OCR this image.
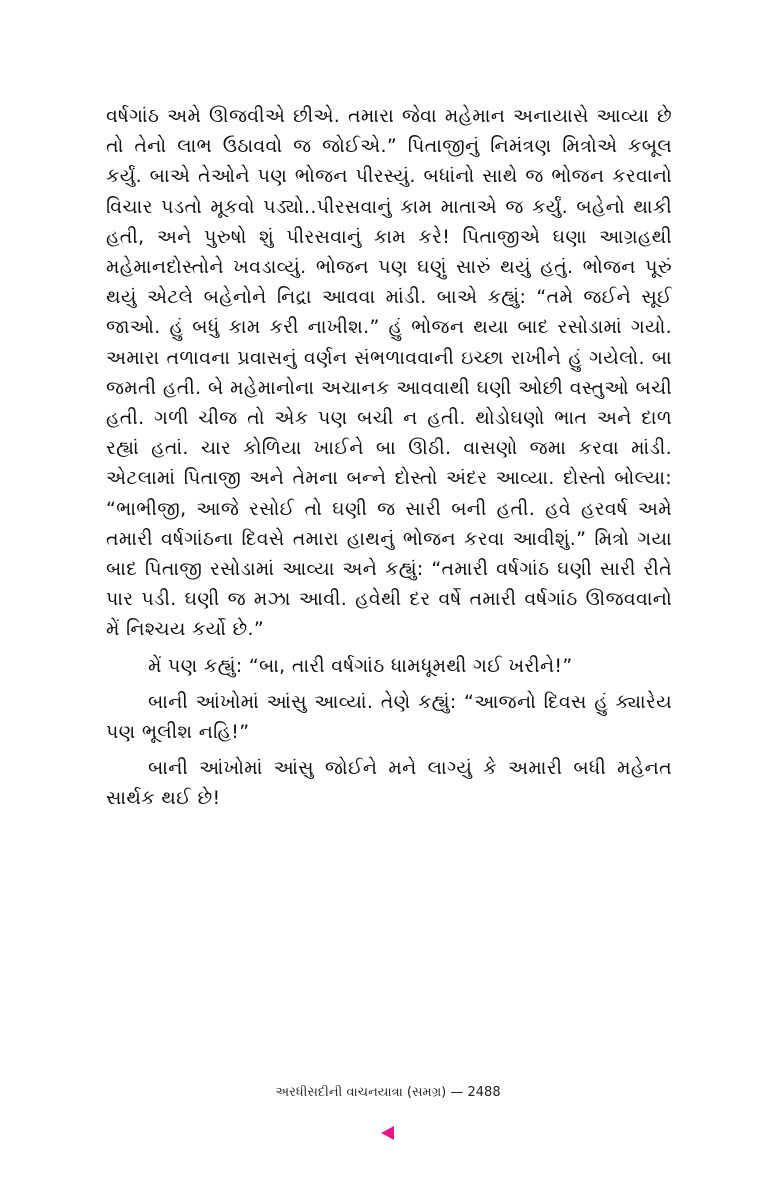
વર્ષગાંઠ અમે ઊજવીએ છીએ. તમારા જેવા મહેમાન અનાયાસે આવ્યા છે તો તેનો લાભ ઉઠાવવો જ જોઈએ.” પિતાજીનું નિમંત્રણ મિત્રોએ કબૂલ કર્યું. બાએ તેઓને પણ ભોજન પીરસ્યું. બધાંનો સાથે જ ભોજન કરવાનો વિચાર પડતો મૂકવો પડ્યો..પીરસવાનું કામ માતાએ જ કર્યું. બહેનો થાકી હતી, અને પુરુષો શું પીરસવાનું કામ કરે! પિતાજીએ ઘણા આગ્રહથી મહેમાનદોસ્તોને ખવડાવ્યું. ભોજન પણ ઘણું સારું થયું હતું. ભોજન પૂરું થયું એટલે બહેનોને નિદ્રા આવવા માંડી. બાએ કહ્યું: “તમે જઈને સૂઈ જાઓ. હું બધું કામ કરી નાખીશ.” હું ભોજન થયા બાદ રસોડામાં ગયો. અમારા તળાવના પ્રવાસનું વર્ણન સંભળાવવાની ઇચ્છા રાખીને હું ગયેલો. બા જમતી હતી. બે મહેમાનોના અચાનક આવવાથી ઘણી ઓછી વસ્તુઓ બચી હતી. ગળી ચીજ તો એક પણ બચી ન હતી. થોડોઘણો ભાત અને દાળ રહ્યાં હતાં. ચાર કોળિયા ખાઈને બા ઊઠી. વાસણો જમા કરવા માંડી. એટલામાં પિતાજી અને તેમના બન્ને દોસ્તો અંદર આવ્યા. દોસ્તો બોલ્યા: “ભાભીજી, આજે રસોઈ તો ઘણી જ સારી બની હતી. હવે હરવર્ષ અમે તમારી વર્ષગાંઠના દિવસે તમારા હાથનું ભોજન કરવા આવીશું.” મિત્રો ગયા બાદ પિતાજી રસોડામાં આવ્યા અને કહ્યું: “તમારી વર્ષગાંઠ ઘણી સારી રીતે પાર પડી. ઘણી જ મઝા આવી. હવેથી દર વર્ષે તમારી વર્ષગાંઠ ઊજવવાનો મેં નિશ્ચય કર્યો છે.”

મેં પણ કહ્યું: “બા, તારી વર્ષગાંઠ ધામધૂમથી ગઈ ખરીને!”

બાની આંખોમાં આંસુ આવ્યાં. તેણે કહ્યું: “આજનો દિવસ હું ક્યારેય પણ ભૂલીશ નહિ!”

બાની આંખોમાં આંસુ જોઈને મને લાગ્યું કે અમારી બધી મહેનત સાર્થક થઈ છે!

અરધીસદીની વાચનયાત્રા (સમગ્ર) — 2488
